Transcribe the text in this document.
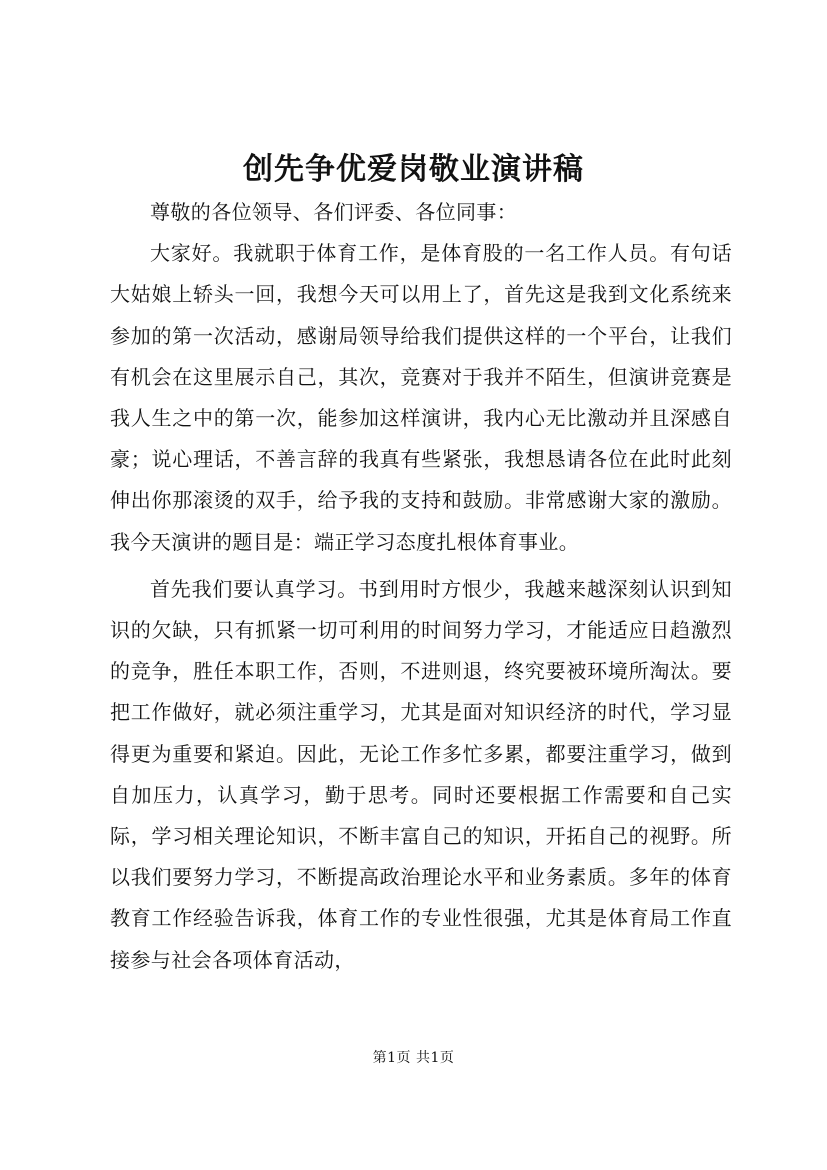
创先争优爱岗敬业演讲稿

尊敬的各位领导、各们评委、各位同事：

大家好。我就职于体育工作，是体育股的一名工作人员。有句话大姑娘上轿头一回，我想今天可以用上了，首先这是我到文化系统来参加的第一次活动，感谢局领导给我们提供这样的一个平台，让我们有机会在这里展示自己，其次，竞赛对于我并不陌生，但演讲竞赛是我人生之中的第一次，能参加这样演讲，我内心无比激动并且深感自豪；说心理话，不善言辞的我真有些紧张，我想恳请各位在此时此刻伸出你那滚烫的双手，给予我的支持和鼓励。非常感谢大家的激励。我今天演讲的题目是：端正学习态度扎根体育事业。

首先我们要认真学习。书到用时方恨少，我越来越深刻认识到知识的欠缺，只有抓紧一切可利用的时间努力学习，才能适应日趋激烈的竞争，胜任本职工作，否则，不进则退，终究要被环境所淘汰。要把工作做好，就必须注重学习，尤其是面对知识经济的时代，学习显得更为重要和紧迫。因此，无论工作多忙多累，都要注重学习，做到自加压力，认真学习，勤于思考。同时还要根据工作需要和自己实际，学习相关理论知识，不断丰富自己的知识，开拓自己的视野。所以我们要努力学习，不断提高政治理论水平和业务素质。多年的体育教育工作经验告诉我，体育工作的专业性很强，尤其是体育局工作直接参与社会各项体育活动，

第1页 共1页
